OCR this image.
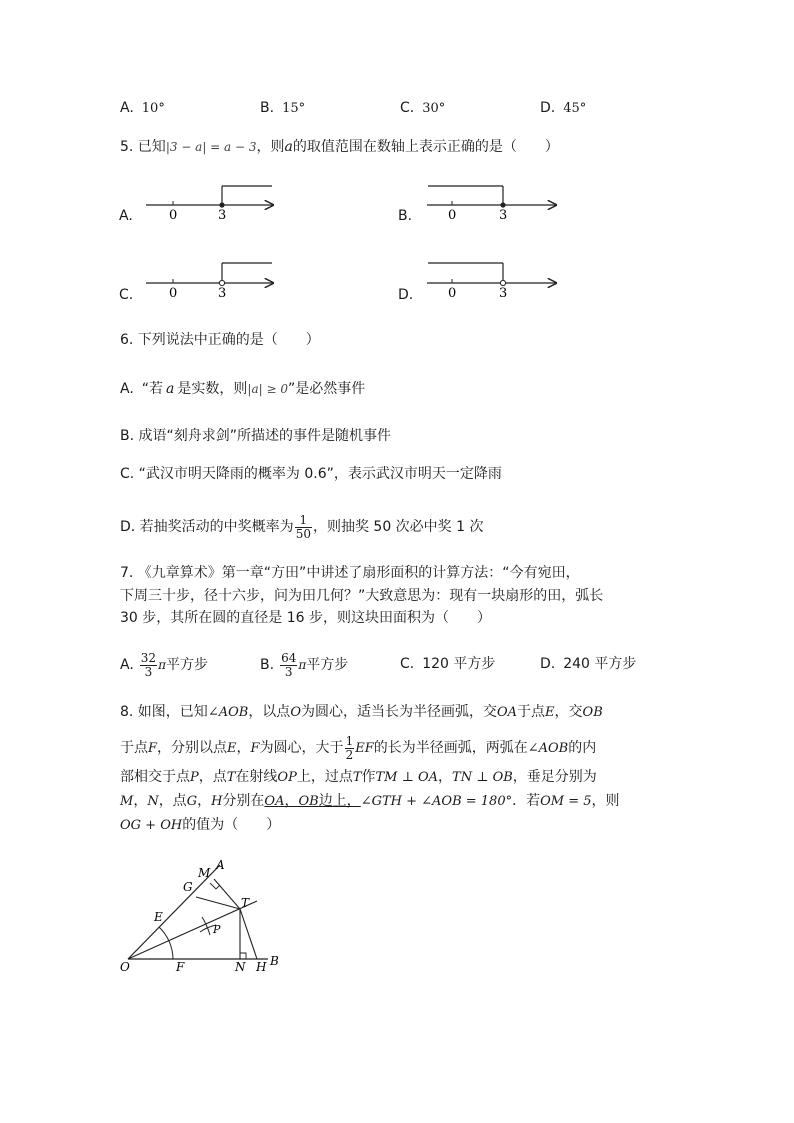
A. 10°	B. 15°	C. 30°	D. 45°
5. 已知|3 − a| = a − 3，则a的取值范围在数轴上表示正确的是（　　）
A.	B.
C.	D.
0	3	0	3
0	3	0	3
6. 下列说法中正确的是（　　）
A. “若 a 是实数，则|a| ≥ 0”是必然事件
B. 成语“刻舟求剑”所描述的事件是随机事件
C. “武汉市明天降雨的概率为 0.6”，表示武汉市明天一定降雨
D. 若抽奖活动的中奖概率为 $\frac{1}{50}$ ，则抽奖 50 次必中奖 1 次
7. 《九章算术》第一章“方田”中讲述了扇形面积的计算方法：“今有宛田，
下周三十步，径十六步，问为田几何？”大致意思为：现有一块扇形的田，弧长
30 步，其所在圆的直径是 16 步，则这块田面积为（　　）
A. $\frac{32}{3}$ π平方步	B. $\frac{64}{3}$ π平方步	C. 120 平方步	D. 240 平方步
8. 如图，已知∠AOB，以点O为圆心，适当长为半径画弧，交OA于点E，交OB
于点F，分别以点E，F为圆心，大于 $\frac{1}{2}$ EF的长为半径画弧，两弧在∠AOB的内
部相交于点P，点T在射线OP上，过点T作TM ⊥ OA，TN ⊥ OB，垂足分别为
M，N，点G，H分别在OA，OB边上，∠GTH + ∠AOB = 180°．若OM = 5，则
OG + OH的值为（　　）
O	F	N H B
E
G
M
A
T
P
